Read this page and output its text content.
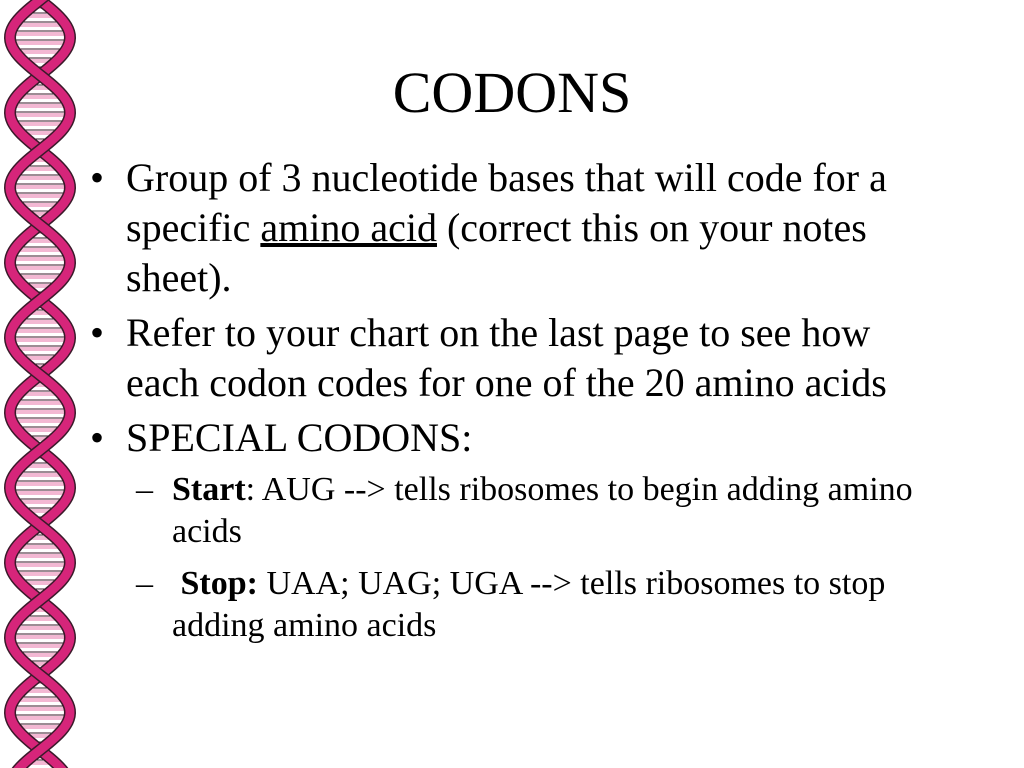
CODONS
• Group of 3 nucleotide bases that will code for a specific amino acid (correct this on your notes sheet).
• Refer to your chart on the last page to see how each codon codes for one of the 20 amino acids
• SPECIAL CODONS:
– Start: AUG --> tells ribosomes to begin adding amino acids
– Stop: UAA; UAG; UGA --> tells ribosomes to stop adding amino acids
